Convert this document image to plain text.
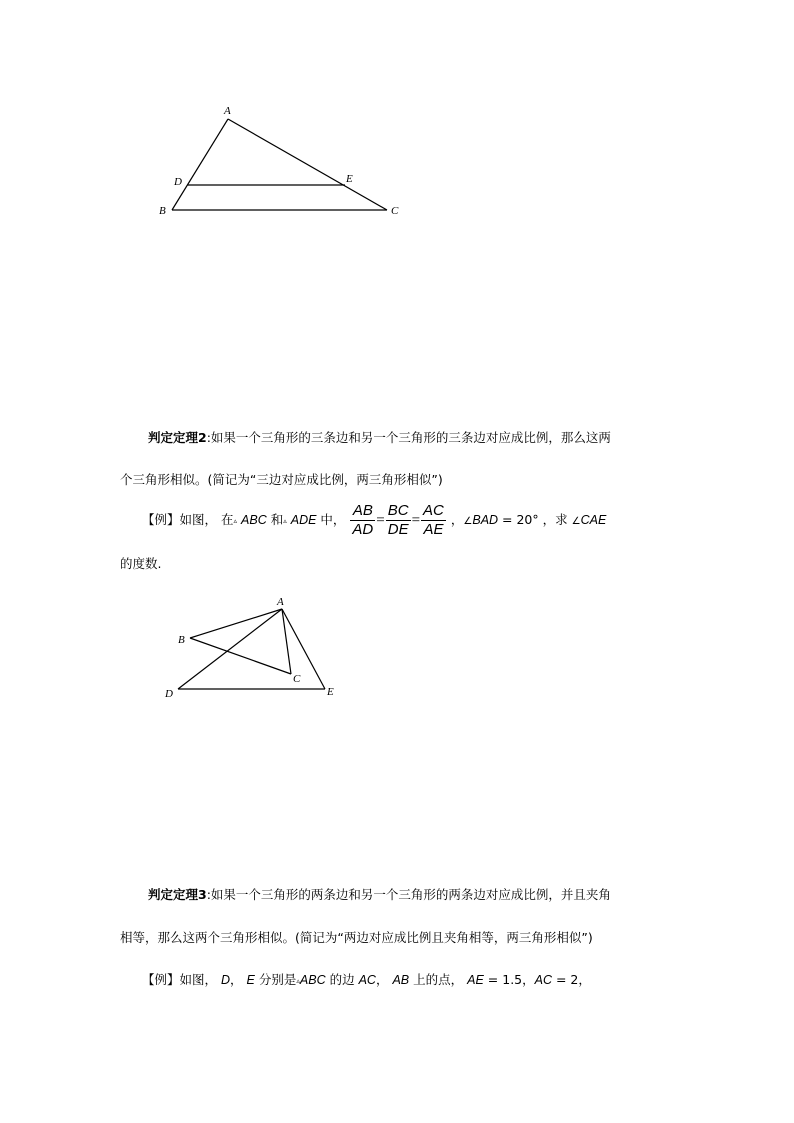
A
D	E
B	C
判定定理2:如果一个三角形的三条边和另一个三角形的三条边对应成比例，那么这两
个三角形相似。(简记为“三边对应成比例，两三角形相似”)
【例】如图， 在▵ ABC 和▵ ADE 中， $\frac{AB}{AD} = \frac{BC}{DE} = \frac{AC}{AE}$ ，∠BAD = 20° ，求 ∠CAE
的度数.
A
B
C
D	E
判定定理3:如果一个三角形的两条边和另一个三角形的两条边对应成比例，并且夹角
相等，那么这两个三角形相似。(简记为“两边对应成比例且夹角相等，两三角形相似”)
【例】如图， D， E 分别是▵ABC 的边 AC， AB 上的点， AE = 1.5，AC = 2，
